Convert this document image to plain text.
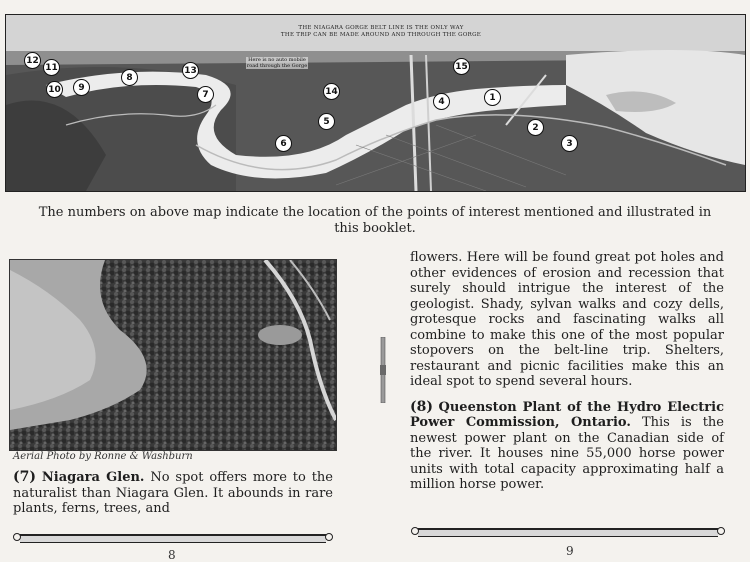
THE NIAGARA GORGE BELT LINE IS THE ONLY WAY
THE TRIP CAN BE MADE AROUND AND THROUGH THE GORGE
Here is no auto mobile road through the Gorge
1
2
3
4
5
6
7
8
9
10
11
12
13
14
15
The numbers on above map indicate the location of the points of interest mentioned and illustrated in this booklet.
Aerial Photo by Ronne & Washburn
(7) Niagara Glen. No spot offers more to the naturalist than Niagara Glen. It abounds in rare plants, ferns, trees, and

flowers. Here will be found great pot holes and other evidences of erosion and recession that surely should intrigue the interest of the geologist. Shady, sylvan walks and cozy dells, grotesque rocks and fascinating walks all combine to make this one of the most popular stopovers on the belt-line trip. Shelters, restaurant and picnic facilities make this an ideal spot to spend several hours.

(8) Queenston Plant of the Hydro Electric Power Commission, Ontario. This is the newest power plant on the Canadian side of the river. It houses nine 55,000 horse power units with total capacity approximating half a million horse power.

8	9
